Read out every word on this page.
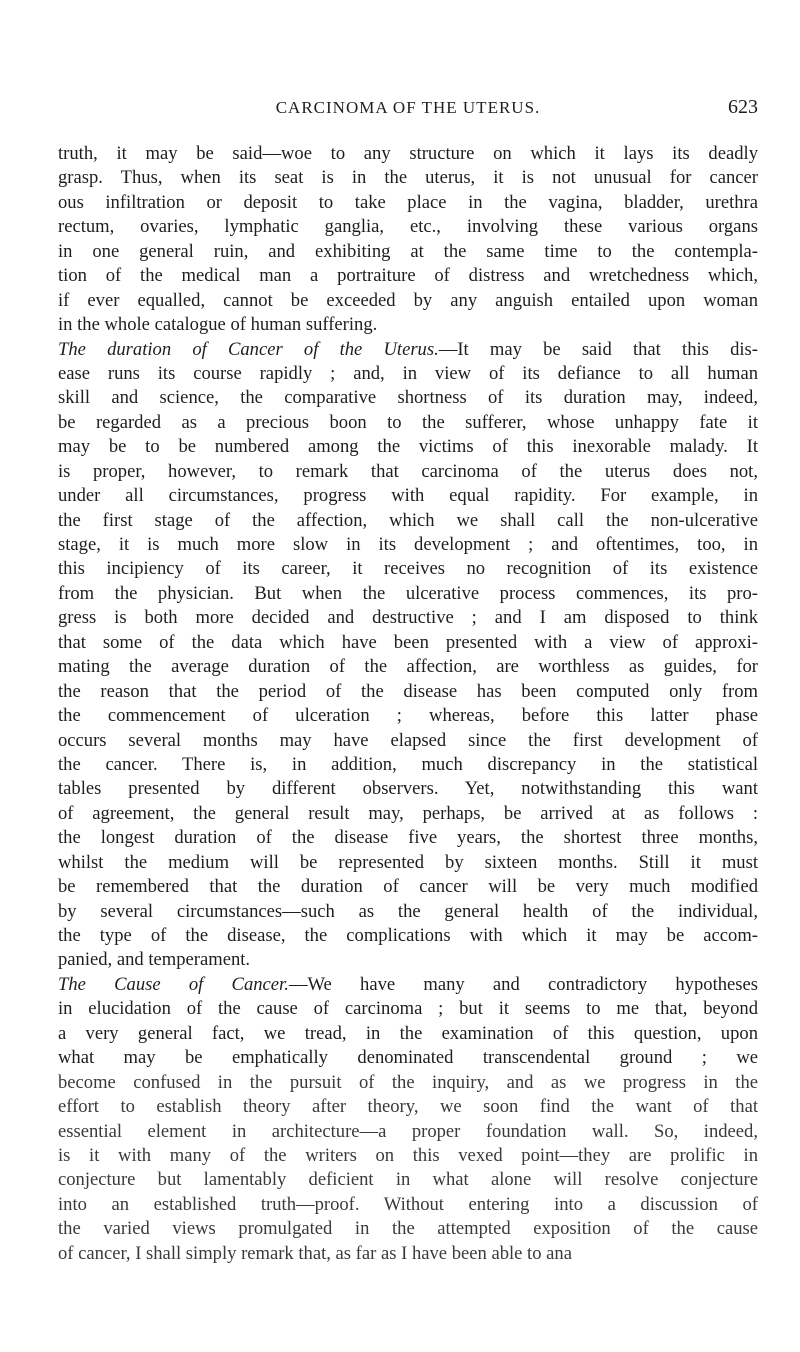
CARCINOMA OF THE UTERUS.	623
truth, it may be said—woe to any structure on which it lays its deadly
grasp. Thus, when its seat is in the uterus, it is not unusual for cancer
ous infiltration or deposit to take place in the vagina, bladder, urethra
rectum, ovaries, lymphatic ganglia, etc., involving these various organs
in one general ruin, and exhibiting at the same time to the contempla-
tion of the medical man a portraiture of distress and wretchedness which,
if ever equalled, cannot be exceeded by any anguish entailed upon woman
in the whole catalogue of human suffering.
The duration of Cancer of the Uterus.—It may be said that this dis-
ease runs its course rapidly ; and, in view of its defiance to all human
skill and science, the comparative shortness of its duration may, indeed,
be regarded as a precious boon to the sufferer, whose unhappy fate it
may be to be numbered among the victims of this inexorable malady. It
is proper, however, to remark that carcinoma of the uterus does not,
under all circumstances, progress with equal rapidity. For example, in
the first stage of the affection, which we shall call the non-ulcerative
stage, it is much more slow in its development ; and oftentimes, too, in
this incipiency of its career, it receives no recognition of its existence
from the physician. But when the ulcerative process commences, its pro-
gress is both more decided and destructive ; and I am disposed to think
that some of the data which have been presented with a view of approxi-
mating the average duration of the affection, are worthless as guides, for
the reason that the period of the disease has been computed only from
the commencement of ulceration ; whereas, before this latter phase
occurs several months may have elapsed since the first development of
the cancer. There is, in addition, much discrepancy in the statistical
tables presented by different observers. Yet, notwithstanding this want
of agreement, the general result may, perhaps, be arrived at as follows :
the longest duration of the disease five years, the shortest three months,
whilst the medium will be represented by sixteen months. Still it must
be remembered that the duration of cancer will be very much modified
by several circumstances—such as the general health of the individual,
the type of the disease, the complications with which it may be accom-
panied, and temperament.
The Cause of Cancer.—We have many and contradictory hypotheses
in elucidation of the cause of carcinoma ; but it seems to me that, beyond
a very general fact, we tread, in the examination of this question, upon
what may be emphatically denominated transcendental ground ; we
become confused in the pursuit of the inquiry, and as we progress in the
effort to establish theory after theory, we soon find the want of that
essential element in architecture—a proper foundation wall. So, indeed,
is it with many of the writers on this vexed point—they are prolific in
conjecture but lamentably deficient in what alone will resolve conjecture
into an established truth—proof. Without entering into a discussion of
the varied views promulgated in the attempted exposition of the cause
of cancer, I shall simply remark that, as far as I have been able to ana
